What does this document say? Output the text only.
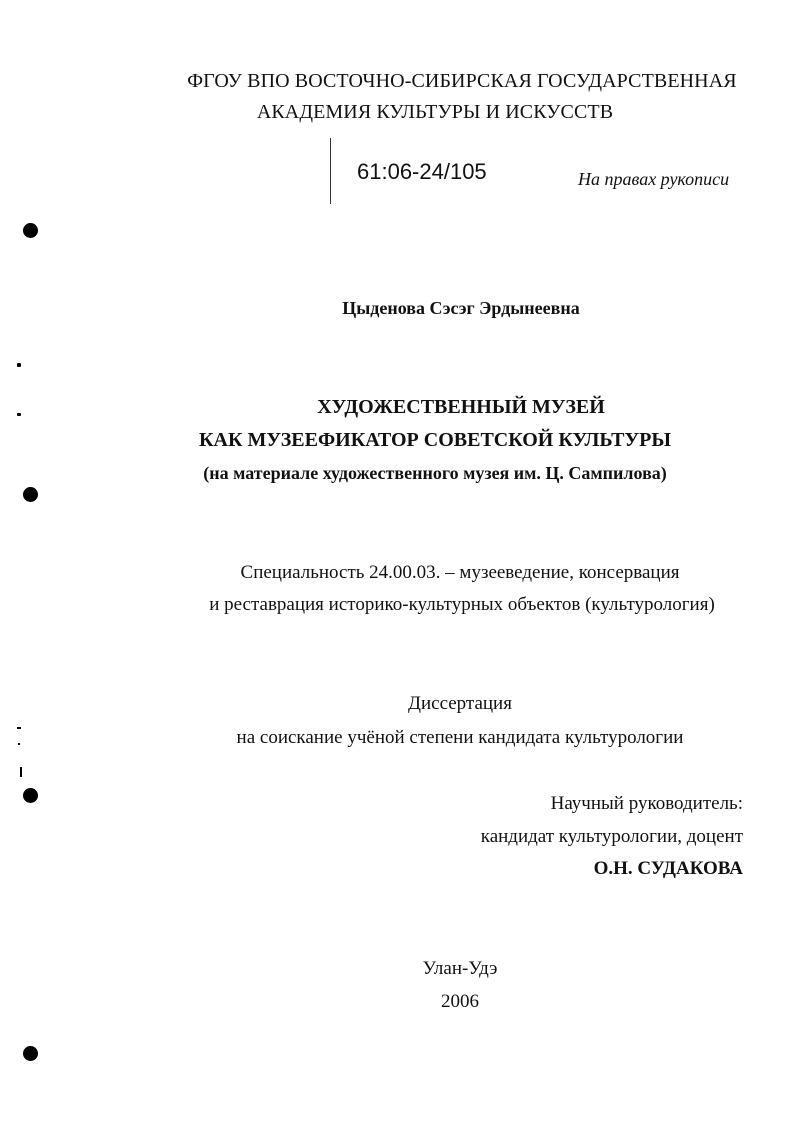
ФГОУ ВПО ВОСТОЧНО-СИБИРСКАЯ ГОСУДАРСТВЕННАЯ
АКАДЕМИЯ КУЛЬТУРЫ И ИСКУССТВ
61:06-24/105	На правах рукописи
Цыденова Сэсэг Эрдынеевна
ХУДОЖЕСТВЕННЫЙ МУЗЕЙ
КАК МУЗЕЕФИКАТОР СОВЕТСКОЙ КУЛЬТУРЫ
(на материале художественного музея им. Ц. Сампилова)
Специальность 24.00.03. – музееведение, консервация
и реставрация историко-культурных объектов (культурология)
Диссертация
на соискание учёной степени кандидата культурологии
Научный руководитель:
кандидат культурологии, доцент
О.Н. СУДАКОВА
Улан-Удэ
2006
